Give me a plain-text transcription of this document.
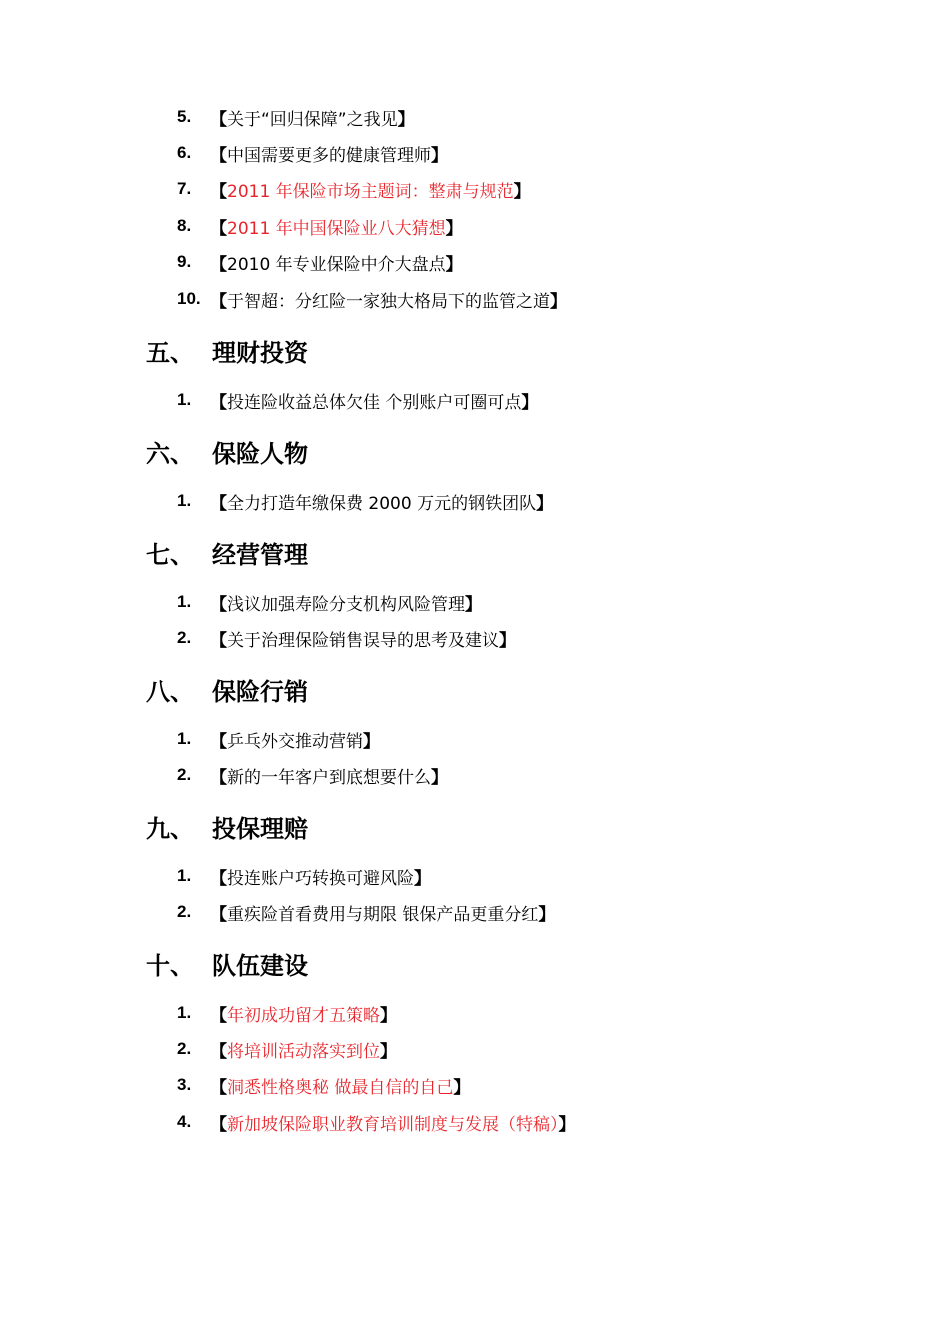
5. 【关于“回归保障”之我见】
6. 【中国需要更多的健康管理师】
7. 【2011 年保险市场主题词：整肃与规范】
8. 【2011 年中国保险业八大猜想】
9. 【2010 年专业保险中介大盘点】
10. 【于智超：分红险一家独大格局下的监管之道】
五、 理财投资
1. 【投连险收益总体欠佳 个别账户可圈可点】
六、 保险人物
1. 【全力打造年缴保费 2000 万元的钢铁团队】
七、 经营管理
1. 【浅议加强寿险分支机构风险管理】
2. 【关于治理保险销售误导的思考及建议】
八、 保险行销
1. 【乒乓外交推动营销】
2. 【新的一年客户到底想要什么】
九、 投保理赔
1. 【投连账户巧转换可避风险】
2. 【重疾险首看费用与期限 银保产品更重分红】
十、 队伍建设
1. 【年初成功留才五策略】
2. 【将培训活动落实到位】
3. 【洞悉性格奥秘 做最自信的自己】
4. 【新加坡保险职业教育培训制度与发展（特稿）】
